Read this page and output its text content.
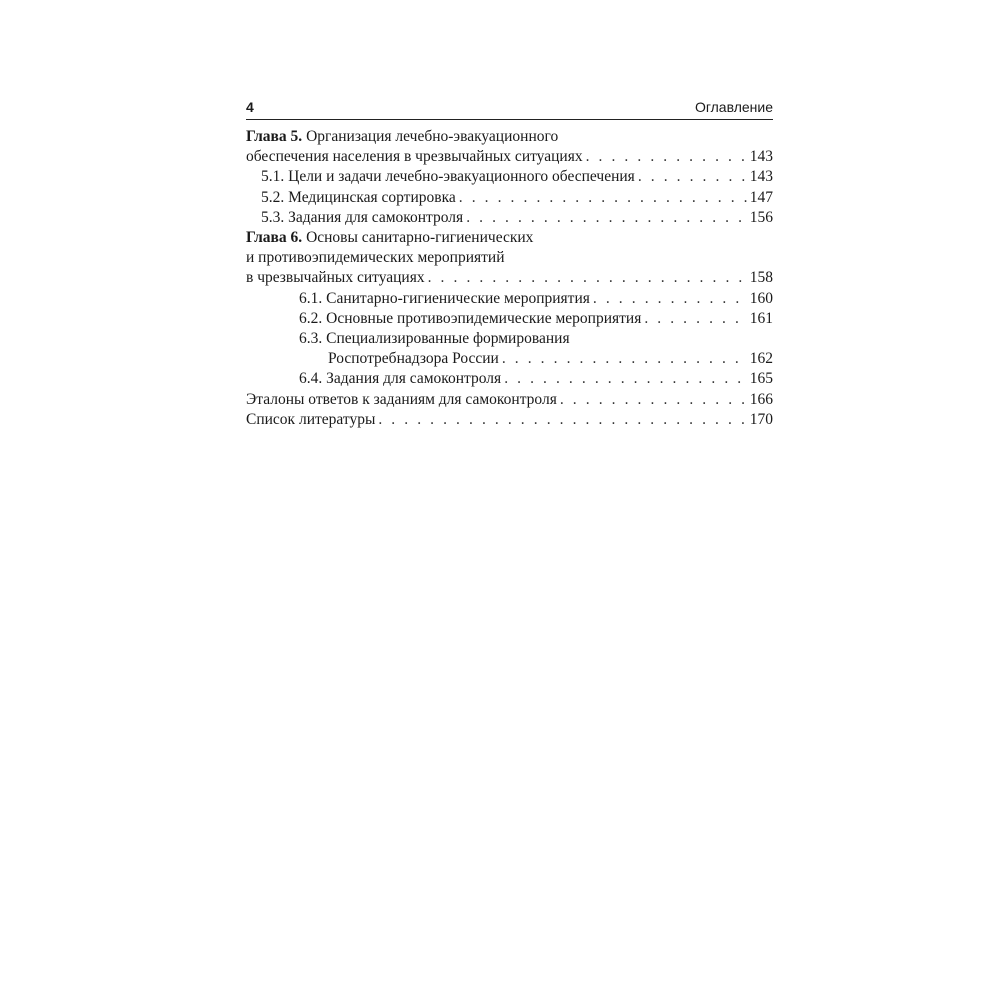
4	Оглавление
Глава 5. Организация лечебно-эвакуационного
обеспечения населения в чрезвычайных ситуациях . . .	143
5.1. Цели и задачи лечебно-эвакуационного обеспечения . . .	143
5.2. Медицинская сортировка . . .	147
5.3. Задания для самоконтроля . . .	156
Глава 6. Основы санитарно-гигиенических
и противоэпидемических мероприятий
в чрезвычайных ситуациях . . .	158
6.1. Санитарно-гигиенические мероприятия . . .	160
6.2. Основные противоэпидемические мероприятия . . .	161
6.3. Специализированные формирования
Роспотребнадзора России . . .	162
6.4. Задания для самоконтроля . . .	165
Эталоны ответов к заданиям для самоконтроля . . .	166
Список литературы . . .	170
